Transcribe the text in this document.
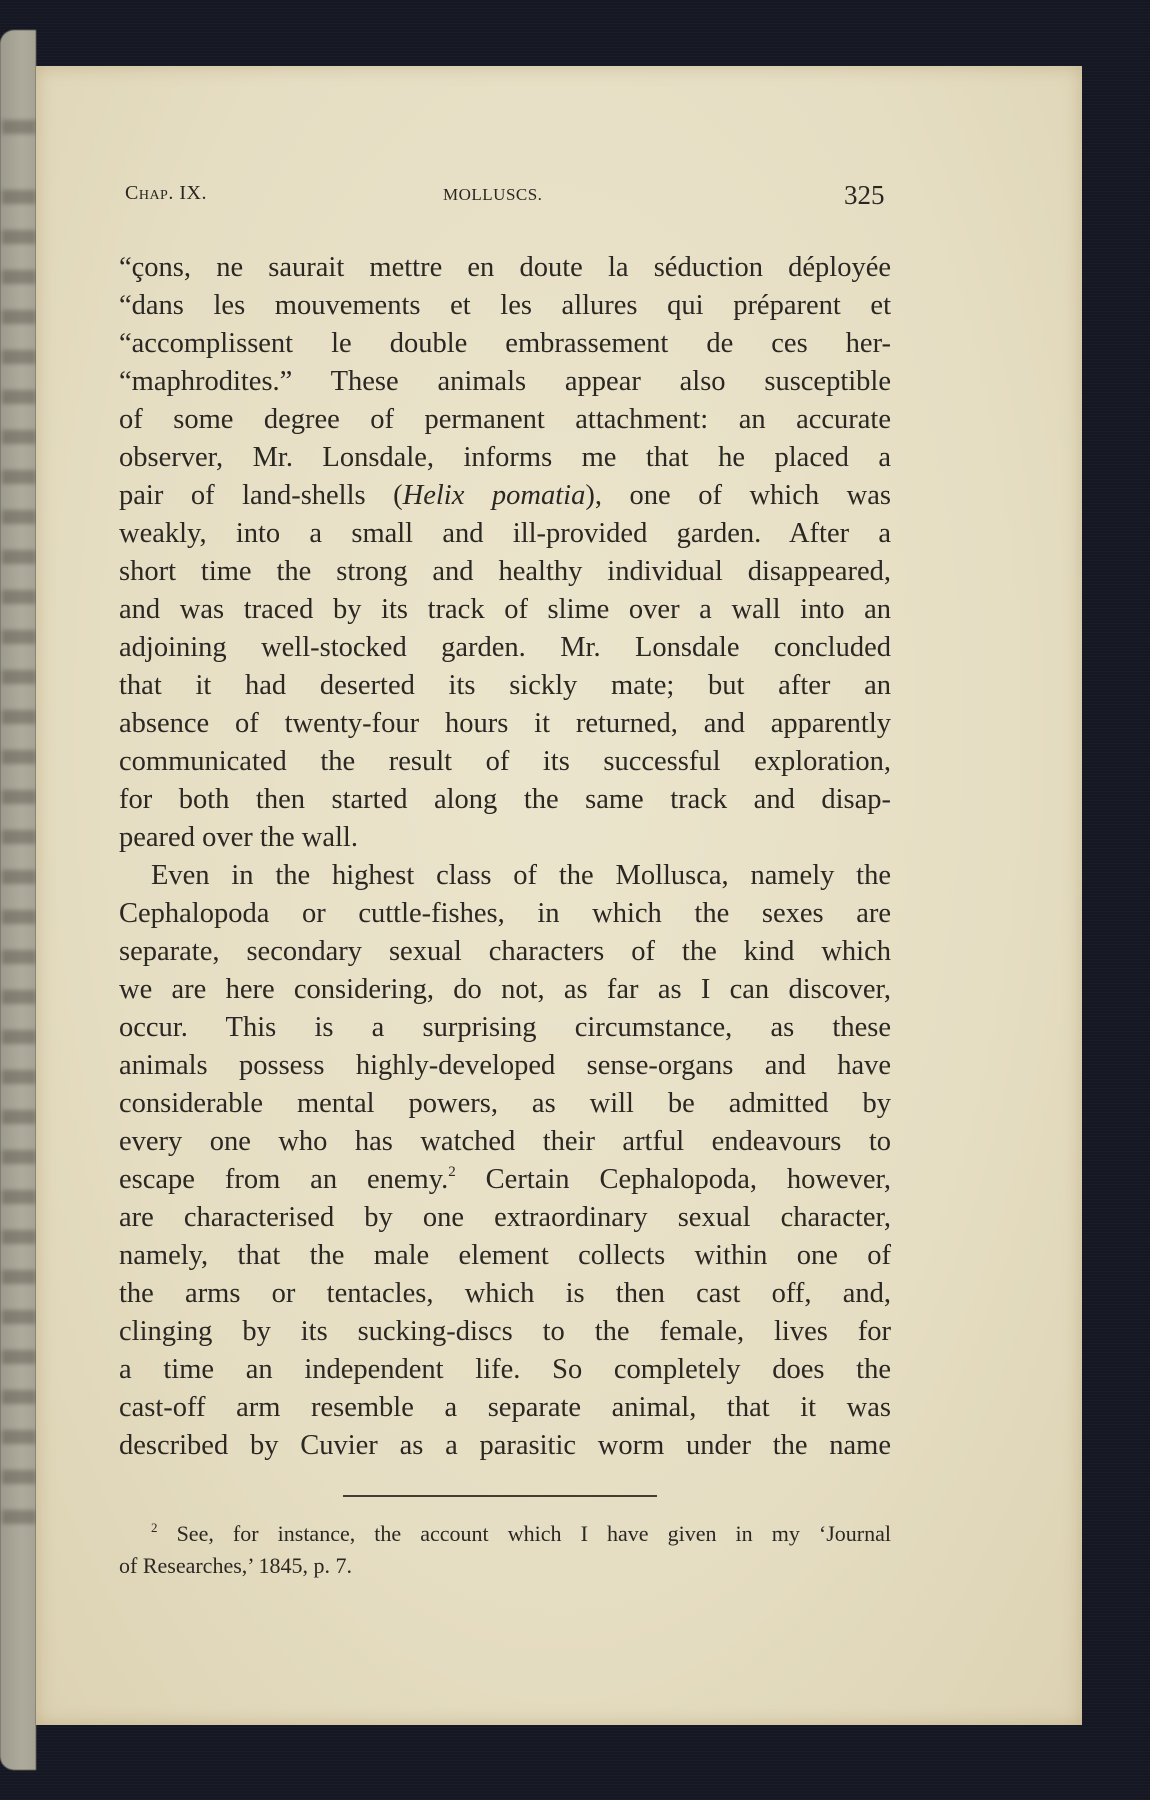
Chap. IX.	MOLLUSCS.	325
“çons, ne saurait mettre en doute la séduction déployée
“dans les mouvements et les allures qui préparent et
“accomplissent le double embrassement de ces her-
“maphrodites.” These animals appear also susceptible
of some degree of permanent attachment: an accurate
observer, Mr. Lonsdale, informs me that he placed a
pair of land-shells (Helix pomatia), one of which was
weakly, into a small and ill-provided garden. After a
short time the strong and healthy individual disappeared,
and was traced by its track of slime over a wall into an
adjoining well-stocked garden. Mr. Lonsdale concluded
that it had deserted its sickly mate; but after an
absence of twenty-four hours it returned, and apparently
communicated the result of its successful exploration,
for both then started along the same track and disap-
peared over the wall.
Even in the highest class of the Mollusca, namely the
Cephalopoda or cuttle-fishes, in which the sexes are
separate, secondary sexual characters of the kind which
we are here considering, do not, as far as I can discover,
occur. This is a surprising circumstance, as these
animals possess highly-developed sense-organs and have
considerable mental powers, as will be admitted by
every one who has watched their artful endeavours to
escape from an enemy.$^2$ Certain Cephalopoda, however,
are characterised by one extraordinary sexual character,
namely, that the male element collects within one of
the arms or tentacles, which is then cast off, and,
clinging by its sucking-discs to the female, lives for
a time an independent life. So completely does the
cast-off arm resemble a separate animal, that it was
described by Cuvier as a parasitic worm under the name
$^2$ See, for instance, the account which I have given in my ‘Journal
of Researches,’ 1845, p. 7.
